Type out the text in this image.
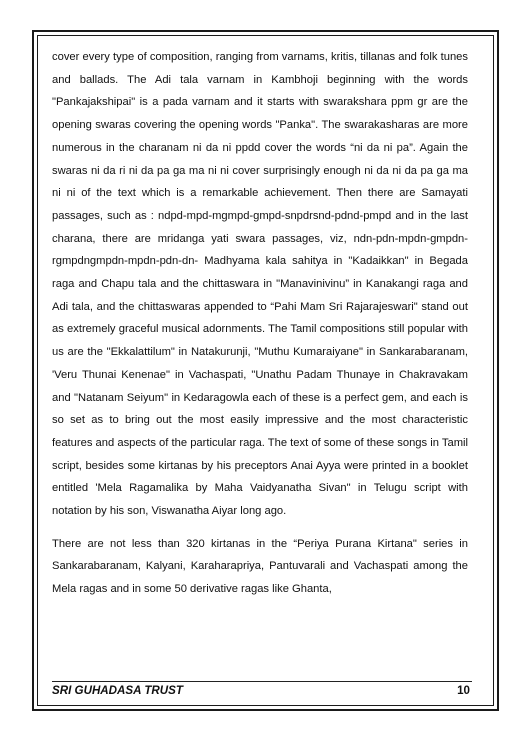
cover every type of composition, ranging from varnams, kritis, tillanas and folk tunes and ballads. The Adi tala varnam in Kambhoji beginning with the words "Pankajakshipai" is a pada varnam and it starts with swarakshara ppm gr are the opening swaras covering the opening words "Panka". The swarakasharas are more numerous in the charanam ni da ni ppdd cover the words “ni da ni pa”. Again the swaras ni da ri ni da pa ga ma ni ni cover surprisingly enough ni da ni da pa ga ma ni ni of the text which is a remarkable achievement. Then there are Samayati passages, such as : ndpd-mpd-mgmpd-gmpd-snpdrsnd-pdnd-pmpd and in the last charana, there are mridanga yati swara passages, viz, ndn-pdn-mpdn-gmpdn-rgmpdngmpdn-mpdn-pdn-dn- Madhyama kala sahitya in "Kadaikkan" in Begada raga and Chapu tala and the chittaswara in "Manavinivinu” in Kanakangi raga and Adi tala, and the chittaswaras appended to “Pahi Mam Sri Rajarajeswari" stand out as extremely graceful musical adornments. The Tamil compositions still popular with us are the "Ekkalattilum" in Natakurunji, "Muthu Kumaraiyane" in Sankarabaranam, 'Veru Thunai Kenenae" in Vachaspati, "Unathu Padam Thunaye in Chakravakam and "Natanam Seiyum" in Kedaragowla each of these is a perfect gem, and each is so set as to bring out the most easily impressive and the most characteristic features and aspects of the particular raga. The text of some of these songs in Tamil script, besides some kirtanas by his preceptors Anai Ayya were printed in a booklet entitled 'Mela Ragamalika by Maha Vaidyanatha Sivan" in Telugu script with notation by his son, Viswanatha Aiyar long ago.

There are not less than 320 kirtanas in the “Periya Purana Kirtana" series in Sankarabaranam, Kalyani, Karaharapriya, Pantuvarali and Vachaspati among the Mela ragas and in some 50 derivative ragas like Ghanta,

SRI GUHADASA TRUST	10
